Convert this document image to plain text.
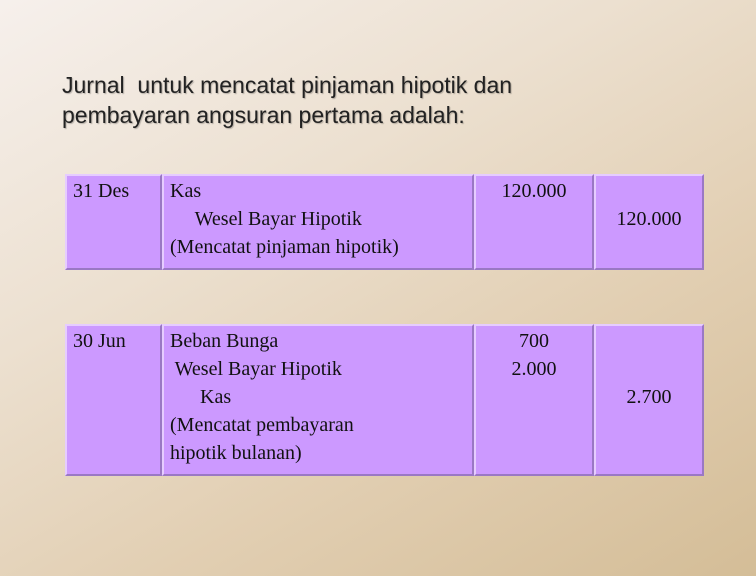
Jurnal  untuk mencatat pinjaman hipotik dan
pembayaran angsuran pertama adalah:
31 Des	Kas
Wesel Bayar Hipotik
(Mencatat pinjaman hipotik)
120.000

120.000
30 Jun	Beban Bunga
Wesel Bayar Hipotik
Kas
(Mencatat pembayaran
hipotik bulanan)
700
2.000

2.700
